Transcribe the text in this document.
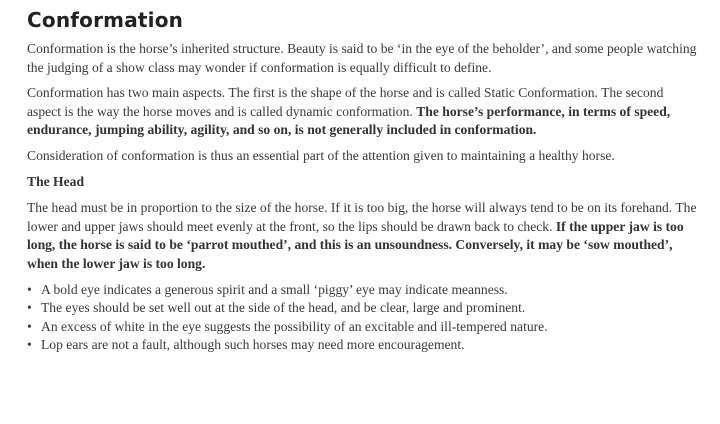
Conformation

Conformation is the horse’s inherited structure. Beauty is said to be ‘in the eye of the beholder’, and some people watching the judging of a show class may wonder if conformation is equally difficult to define.

Conformation has two main aspects. The first is the shape of the horse and is called Static Conformation. The second aspect is the way the horse moves and is called dynamic conformation. The horse’s performance, in terms of speed, endurance, jumping ability, agility, and so on, is not generally included in conformation.

Consideration of conformation is thus an essential part of the attention given to maintaining a healthy horse.

The Head

The head must be in proportion to the size of the horse. If it is too big, the horse will always tend to be on its forehand. The lower and upper jaws should meet evenly at the front, so the lips should be drawn back to check. If the upper jaw is too long, the horse is said to be ‘parrot mouthed’, and this is an unsoundness. Conversely, it may be ‘sow mouthed’, when the lower jaw is too long.

• A bold eye indicates a generous spirit and a small ‘piggy’ eye may indicate meanness.
• The eyes should be set well out at the side of the head, and be clear, large and prominent.
• An excess of white in the eye suggests the possibility of an excitable and ill-tempered nature.
• Lop ears are not a fault, although such horses may need more encouragement.
